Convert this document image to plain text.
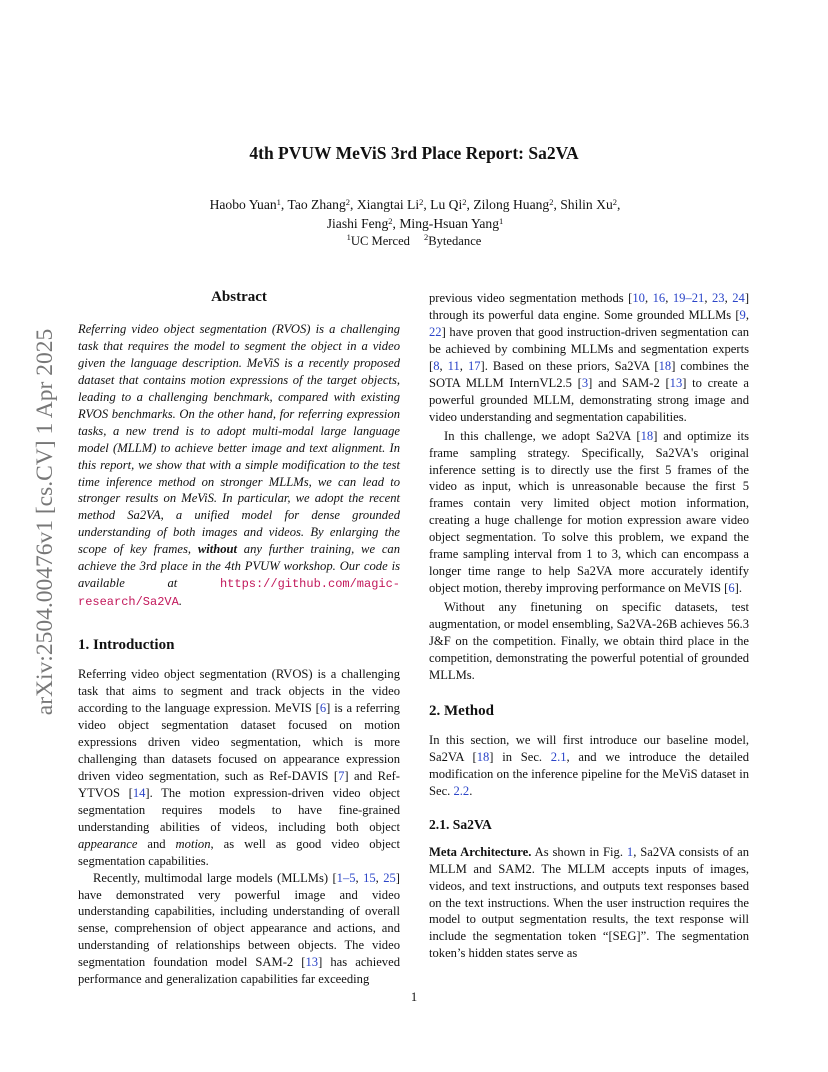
4th PVUW MeViS 3rd Place Report: Sa2VA
Haobo Yuan$^1$, Tao Zhang$^2$, Xiangtai Li$^2$, Lu Qi$^2$, Zilong Huang$^2$, Shilin Xu$^2$,
Jiashi Feng$^2$, Ming-Hsuan Yang$^1$
$^1$UC Merced $^2$Bytedance
arXiv:2504.00476v1 [cs.CV] 1 Apr 2025
Abstract

Referring video object segmentation (RVOS) is a challenging task that requires the model to segment the object in a video given the language description. MeViS is a recently proposed dataset that contains motion expressions of the target objects, leading to a challenging benchmark, compared with existing RVOS benchmarks. On the other hand, for referring expression tasks, a new trend is to adopt multi-modal large language model (MLLM) to achieve better image and text alignment. In this report, we show that with a simple modification to the test time inference method on stronger MLLMs, we can lead to stronger results on MeViS. In particular, we adopt the recent method Sa2VA, a unified model for dense grounded understanding of both images and videos. By enlarging the scope of key frames, without any further training, we can achieve the 3rd place in the 4th PVUW workshop. Our code is available at https://github.com/magic-research/Sa2VA.

1. Introduction

Referring video object segmentation (RVOS) is a challenging task that aims to segment and track objects in the video according to the language expression. MeVIS [6] is a referring video object segmentation dataset focused on motion expressions driven video segmentation, which is more challenging than datasets focused on appearance expression driven video segmentation, such as Ref-DAVIS [7] and Ref-YTVOS [14]. The motion expression-driven video object segmentation requires models to have fine-grained understanding abilities of videos, including both object appearance and motion, as well as good video object segmentation capabilities.

Recently, multimodal large models (MLLMs) [1–5, 15, 25] have demonstrated very powerful image and video understanding capabilities, including understanding of overall sense, comprehension of object appearance and actions, and understanding of relationships between objects. The video segmentation foundation model SAM-2 [13] has achieved performance and generalization capabilities far exceeding

previous video segmentation methods [10, 16, 19–21, 23, 24] through its powerful data engine. Some grounded MLLMs [9, 22] have proven that good instruction-driven segmentation can be achieved by combining MLLMs and segmentation experts [8, 11, 17]. Based on these priors, Sa2VA [18] combines the SOTA MLLM InternVL2.5 [3] and SAM-2 [13] to create a powerful grounded MLLM, demonstrating strong image and video understanding and segmentation capabilities.

In this challenge, we adopt Sa2VA [18] and optimize its frame sampling strategy. Specifically, Sa2VA's original inference setting is to directly use the first 5 frames of the video as input, which is unreasonable because the first 5 frames contain very limited object motion information, creating a huge challenge for motion expression aware video object segmentation. To solve this problem, we expand the frame sampling interval from 1 to 3, which can encompass a longer time range to help Sa2VA more accurately identify object motion, thereby improving performance on MeVIS [6].

Without any finetuning on specific datasets, test augmentation, or model ensembling, Sa2VA-26B achieves 56.3 J&F on the competition. Finally, we obtain third place in the competition, demonstrating the powerful potential of grounded MLLMs.

2. Method

In this section, we will first introduce our baseline model, Sa2VA [18] in Sec. 2.1, and we introduce the detailed modification on the inference pipeline for the MeViS dataset in Sec. 2.2.

2.1. Sa2VA

Meta Architecture. As shown in Fig. 1, Sa2VA consists of an MLLM and SAM2. The MLLM accepts inputs of images, videos, and text instructions, and outputs text responses based on the text instructions. When the user instruction requires the model to output segmentation results, the text response will include the segmentation token “[SEG]”. The segmentation token’s hidden states serve as

1
